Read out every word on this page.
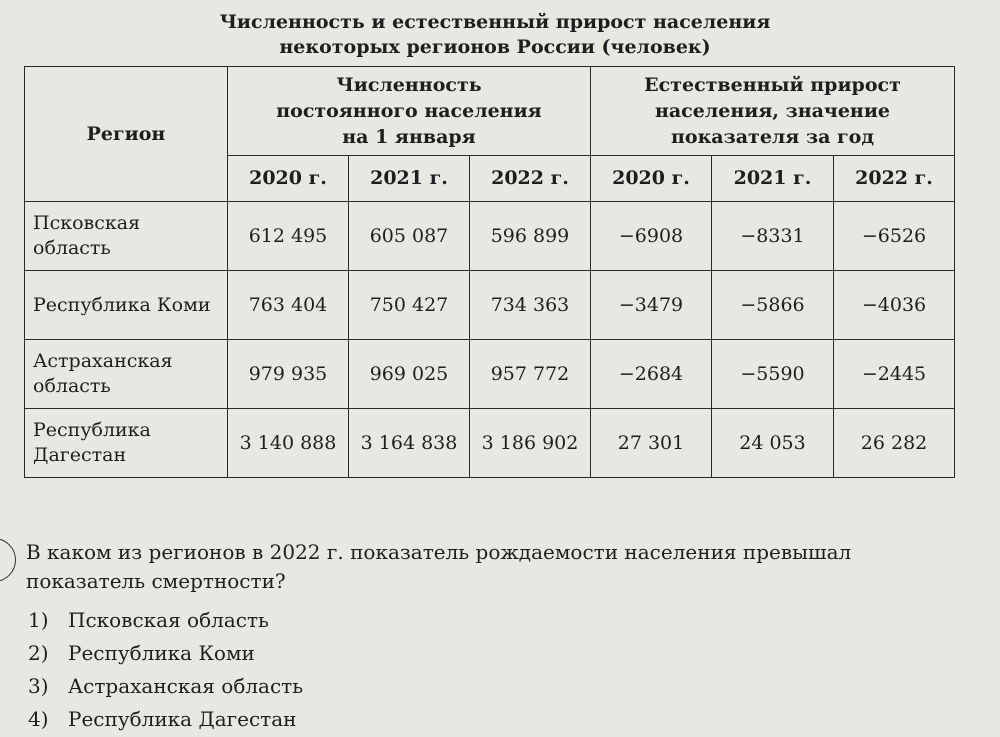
Численность и естественный прирост населения
некоторых регионов России (человек)
Регион	Численность постоянного населения на 1 января			Естественный прирост населения, значение показателя за год		
	2020 г.	2021 г.	2022 г.	2020 г.	2021 г.	2022 г.
Псковская область	612 495	605 087	596 899	−6908	−8331	−6526
Республика Коми	763 404	750 427	734 363	−3479	−5866	−4036
Астраханская область	979 935	969 025	957 772	−2684	−5590	−2445
Республика Дагестан	3 140 888	3 164 838	3 186 902	27 301	24 053	26 282
В каком из регионов в 2022 г. показатель рождаемости населения превышал показатель смертности?
1) Псковская область
2) Республика Коми
3) Астраханская область
4) Республика Дагестан
